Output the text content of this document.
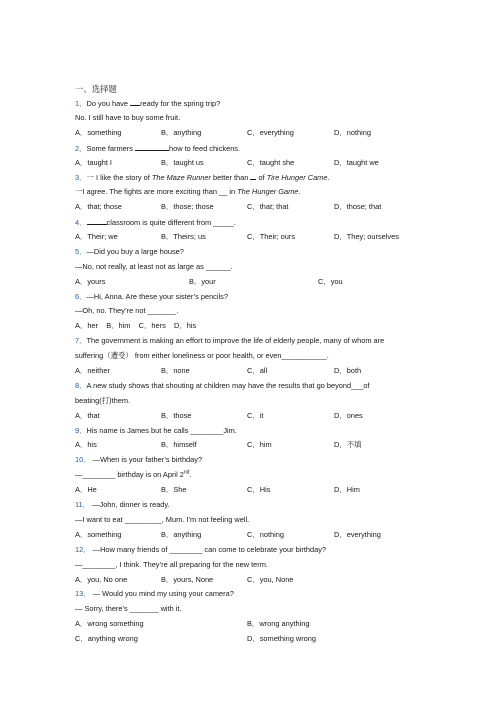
一、选择题
1．Do you have ready for the spring trip?
No. I still have to buy some fruit.
A．something	B．anything	C．everything	D．nothing
2．Some farmers	how to feed chickens.
A．taught I	B．taught us	C．taught she	D．taught we
3．一 I like the story of The Maze Runner better than  of Tire Hunger Came.
一I agree. The fights are more exciting than __ in The Hunger Game.
A．that; those	B．those; those	C．that; that	D．those; that
4．	classroom is quite different from _____.
A．Their; we	B．Theirs; us	C．Their; ours	D．They; ourselves
5．—Did you buy a large house?
—No, not really, at least not as large as ______.
A．yours	B．your	C．you
6．—Hi, Anna. Are these your sister’s pencils?
—Oh, no. They’re not _______.
A．her    B．him    C．hers    D．his
7．The government is making an effort to improve the life of elderly people, many of whom are
suffering（遭受） from either loneliness or poor health, or even___________.
A．neither	B．none	C．all	D．both
8．A new study shows that shouting at children may have the results that go beyond___of
beating(打)them.
A．that	B．those	C．it	D．ones
9．His name is James but he calls ________Jim.
A．his	B．himself	C．him	D．不填
10． —When is your father’s birthday?
—________ birthday is on April 2nd.
A．He	B．She	C．His	D．Him
11． —John, dinner is ready.
—I want to eat _________, Mum. I’m not feeling well.
A．something	B．anything	C．nothing	D．everything
12． —How many friends of ________ can come to celebrate your birthday?
—________, I think. They’re all preparing for the new term.
A．you, No one	B．yours, None	C．you, None
13． — Would you mind my using your camera?
— Sorry, there’s _______ with it.
A．wrong something	B．wrong anything
C．anything wrong	D．something wrong
